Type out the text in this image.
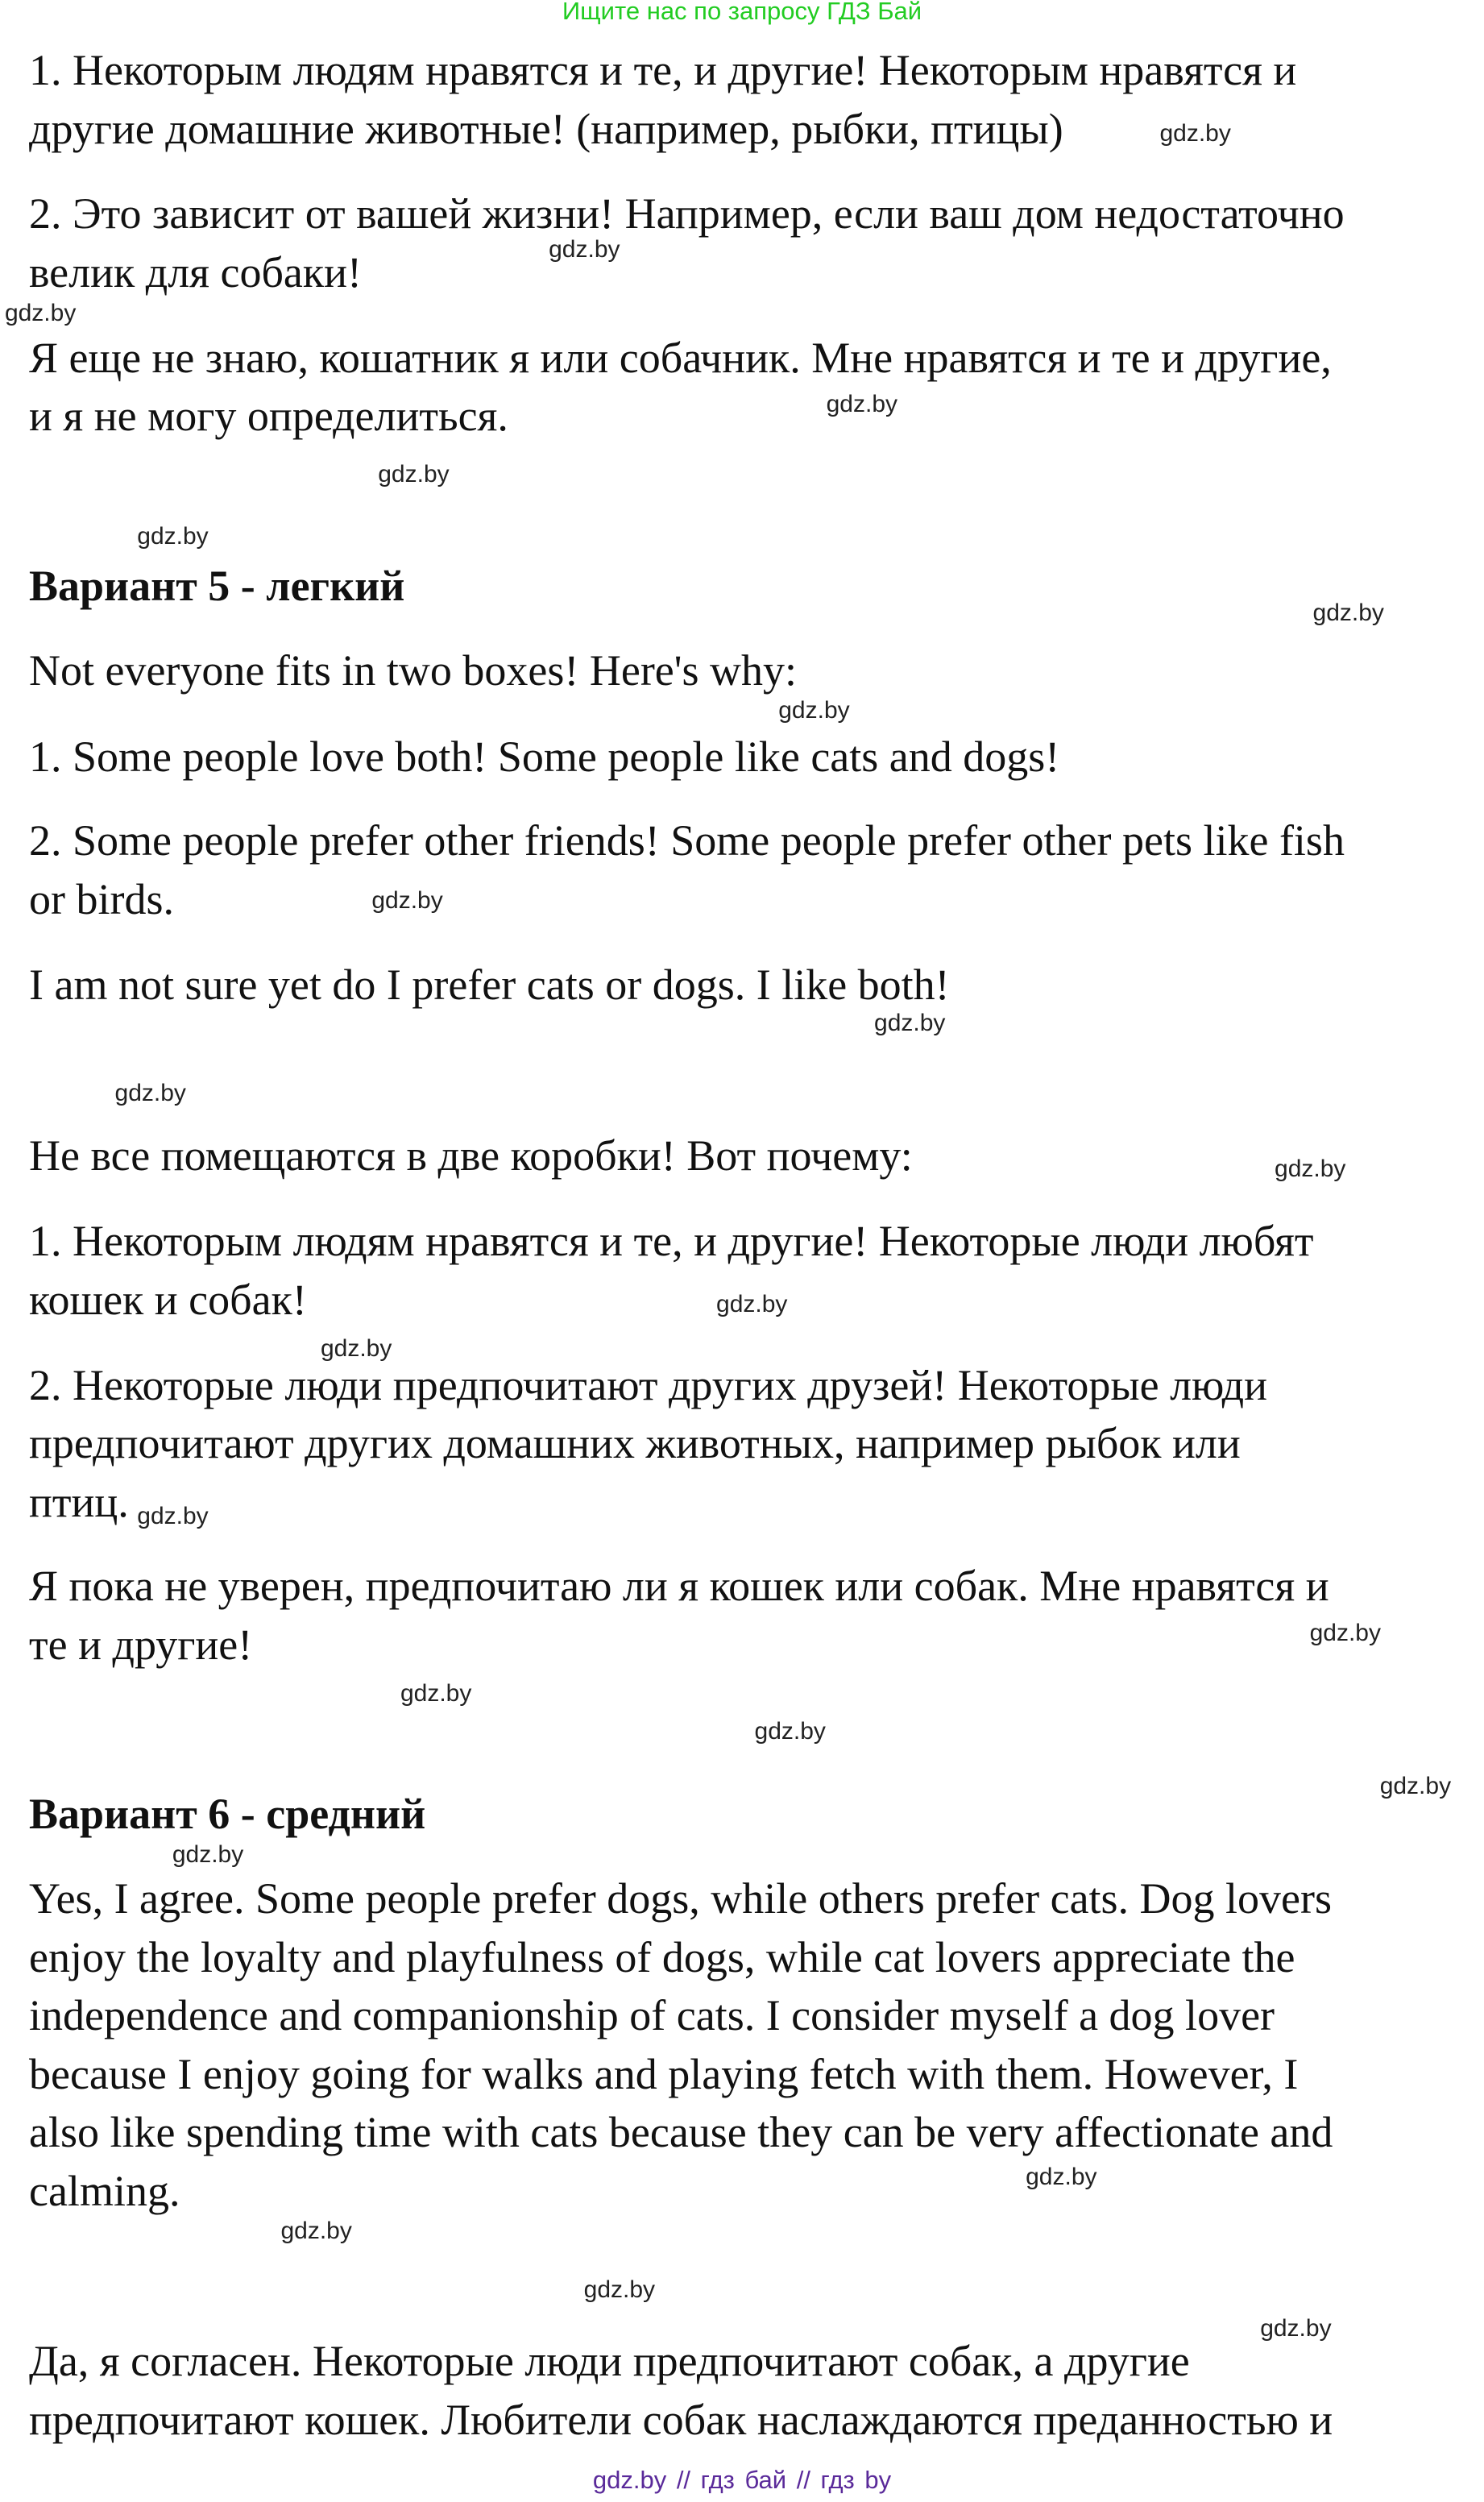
Ищите нас по запросу ГДЗ Бай
1. Некоторым людям нравятся и те, и другие! Некоторым нравятся и
другие домашние животные! (например, рыбки, птицы)
2. Это зависит от вашей жизни! Например, если ваш дом недостаточно
велик для собаки!
Я еще не знаю, кошатник я или собачник. Мне нравятся и те и другие,
и я не могу определиться.
Вариант 5 - легкий
Not everyone fits in two boxes! Here's why:
1. Some people love both! Some people like cats and dogs!
2. Some people prefer other friends! Some people prefer other pets like fish
or birds.
I am not sure yet do I prefer cats or dogs. I like both!
Не все помещаются в две коробки! Вот почему:
1. Некоторым людям нравятся и те, и другие! Некоторые люди любят
кошек и собак!
2. Некоторые люди предпочитают других друзей! Некоторые люди
предпочитают других домашних животных, например рыбок или
птиц.
Я пока не уверен, предпочитаю ли я кошек или собак. Мне нравятся и
те и другие!
Вариант 6 - средний
Yes, I agree. Some people prefer dogs, while others prefer cats. Dog lovers
enjoy the loyalty and playfulness of dogs, while cat lovers appreciate the
independence and companionship of cats. I consider myself a dog lover
because I enjoy going for walks and playing fetch with them. However, I
also like spending time with cats because they can be very affectionate and
calming.
Да, я согласен. Некоторые люди предпочитают собак, а другие
предпочитают кошек. Любители собак наслаждаются преданностью и
gdz.by
gdz.by
gdz.by
gdz.by
gdz.by
gdz.by
gdz.by
gdz.by
gdz.by
gdz.by
gdz.by
gdz.by
gdz.by
gdz.by
gdz.by
gdz.by
gdz.by
gdz.by
gdz.by
gdz.by
gdz.by
gdz.by
gdz.by
gdz.by
gdz.by // гдз бай // гдз by
